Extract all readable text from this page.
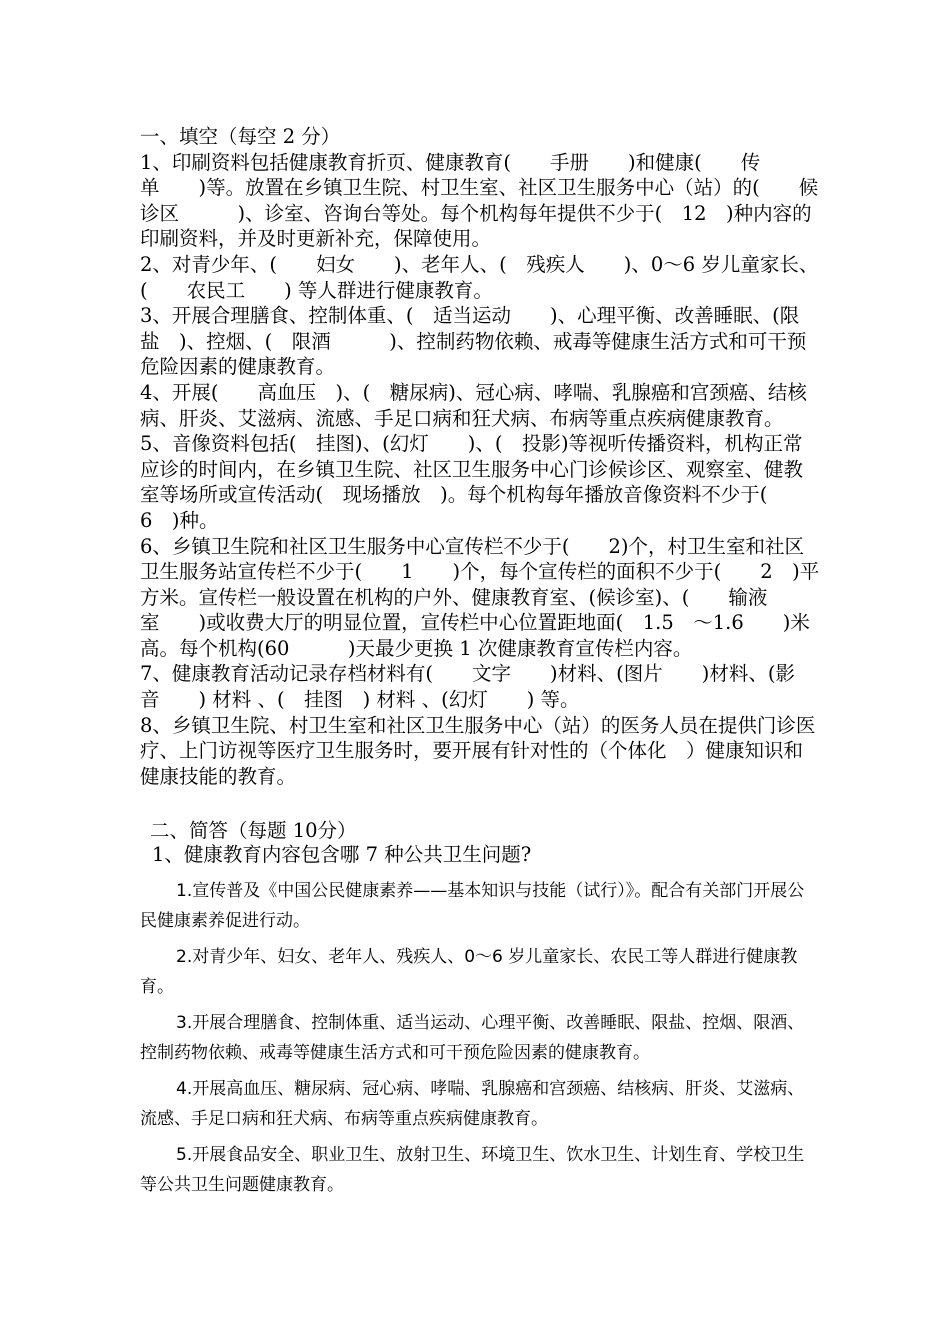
一、填空（每空 2 分）

1、印刷资料包括健康教育折页、健康教育(　　手册　　)和健康(　　传单　　)等。放置在乡镇卫生院、村卫生室、社区卫生服务中心（站）的(　　候诊区　　　)、诊室、咨询台等处。每个机构每年提供不少于(　12　)种内容的印刷资料，并及时更新补充，保障使用。

2、对青少年、(　　妇女　　)、老年人、(　残疾人　　)、0～6 岁儿童家长、(　　农民工　　) 等人群进行健康教育。

3、开展合理膳食、控制体重、(　适当运动　　)、心理平衡、改善睡眠、(限盐　)、控烟、(　限酒　　　)、控制药物依赖、戒毒等健康生活方式和可干预危险因素的健康教育。

4、开展(　　高血压　)、(　糖尿病)、冠心病、哮喘、乳腺癌和宫颈癌、结核病、肝炎、艾滋病、流感、手足口病和狂犬病、布病等重点疾病健康教育。

5、音像资料包括(　挂图)、(幻灯　　)、(　投影)等视听传播资料，机构正常应诊的时间内，在乡镇卫生院、社区卫生服务中心门诊候诊区、观察室、健教室等场所或宣传活动(　现场播放　)。每个机构每年播放音像资料不少于(　　6　)种。

6、乡镇卫生院和社区卫生服务中心宣传栏不少于(　　2)个，村卫生室和社区卫生服务站宣传栏不少于(　　1　　)个，每个宣传栏的面积不少于(　　2　)平方米。宣传栏一般设置在机构的户外、健康教育室、(候诊室)、(　　输液室　　)或收费大厅的明显位置，宣传栏中心位置距地面(　1.5　～1.6　　)米高。每个机构(60　　　)天最少更换 1 次健康教育宣传栏内容。

7、健康教育活动记录存档材料有(　　文字　　)材料、(图片　　)材料、(影音　　) 材料 、(　挂图　) 材料 、(幻灯　　) 等。

8、乡镇卫生院、村卫生室和社区卫生服务中心（站）的医务人员在提供门诊医疗、上门访视等医疗卫生服务时，要开展有针对性的（个体化　）健康知识和健康技能的教育。

二、简答（每题 10分）
1、健康教育内容包含哪 7 种公共卫生问题?

1.宣传普及《中国公民健康素养——基本知识与技能（试行）》。配合有关部门开展公民健康素养促进行动。

2.对青少年、妇女、老年人、残疾人、0～6 岁儿童家长、农民工等人群进行健康教育。

3.开展合理膳食、控制体重、适当运动、心理平衡、改善睡眠、限盐、控烟、限酒、控制药物依赖、戒毒等健康生活方式和可干预危险因素的健康教育。

4.开展高血压、糖尿病、冠心病、哮喘、乳腺癌和宫颈癌、结核病、肝炎、艾滋病、流感、手足口病和狂犬病、布病等重点疾病健康教育。

5.开展食品安全、职业卫生、放射卫生、环境卫生、饮水卫生、计划生育、学校卫生等公共卫生问题健康教育。
